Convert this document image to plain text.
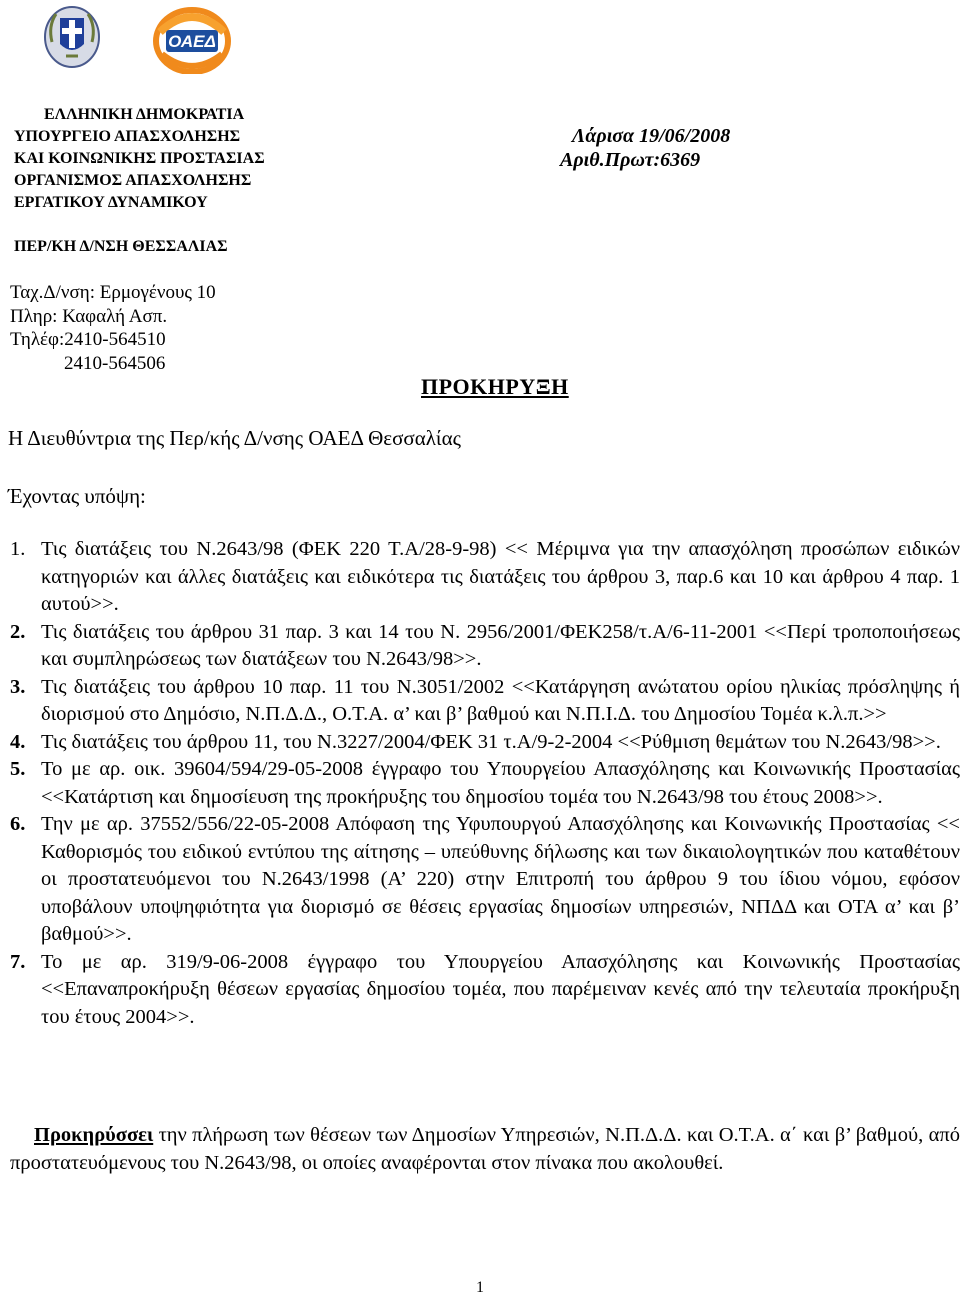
ΟΑΕΔ
ΕΛΛΗΝΙΚΗ ΔΗΜΟΚΡΑΤΙΑ
ΥΠΟΥΡΓΕΙΟ ΑΠΑΣΧΟΛΗΣΗΣ
ΚΑΙ ΚΟΙΝΩΝΙΚΗΣ ΠΡΟΣΤΑΣΙΑΣ
ΟΡΓΑΝΙΣΜΟΣ ΑΠΑΣΧΟΛΗΣΗΣ
ΕΡΓΑΤΙΚΟΥ ΔΥΝΑΜΙΚΟΥ
ΠΕΡ/ΚΗ Δ/ΝΣΗ ΘΕΣΣΑΛΙΑΣ
Λάρισα 19/06/2008
Αριθ.Πρωτ:6369
Ταχ.Δ/νση: Ερμογένους 10
Πληρ: Καφαλή Ασπ.
Τηλέφ:2410-564510
2410-564506
ΠΡΟΚΗΡΥΞΗ
Η Διευθύντρια της Περ/κής Δ/νσης ΟΑΕΔ Θεσσαλίας
Έχοντας υπόψη:
1. Τις διατάξεις του Ν.2643/98 (ΦΕΚ 220 Τ.Α/28-9-98) << Μέριμνα για την απασχόληση προσώπων ειδικών κατηγοριών και άλλες διατάξεις και ειδικότερα τις διατάξεις του άρθρου 3, παρ.6 και 10 και άρθρου 4 παρ. 1 αυτού>>.
2. Τις διατάξεις του άρθρου 31 παρ. 3 και 14 του Ν. 2956/2001/ΦΕΚ258/τ.Α/6-11-2001 <<Περί τροποποιήσεως και συμπληρώσεως των διατάξεων του Ν.2643/98>>.
3. Τις διατάξεις του άρθρου 10 παρ. 11 του Ν.3051/2002 <<Κατάργηση ανώτατου ορίου ηλικίας πρόσληψης ή διορισμού στο Δημόσιο, Ν.Π.Δ.Δ., Ο.Τ.Α. α’ και β’ βαθμού και Ν.Π.Ι.Δ. του Δημοσίου Τομέα κ.λ.π.>>
4. Τις διατάξεις του άρθρου 11, του Ν.3227/2004/ΦΕΚ 31 τ.Α/9-2-2004 <<Ρύθμιση θεμάτων του Ν.2643/98>>.
5. Το με αρ. οικ. 39604/594/29-05-2008 έγγραφο του Υπουργείου Απασχόλησης και Κοινωνικής Προστασίας <<Κατάρτιση και δημοσίευση της προκήρυξης του δημοσίου τομέα του Ν.2643/98 του έτους 2008>>.
6. Την με αρ. 37552/556/22-05-2008 Απόφαση της Υφυπουργού Απασχόλησης και Κοινωνικής Προστασίας << Καθορισμός του ειδικού εντύπου της αίτησης – υπεύθυνης δήλωσης και των δικαιολογητικών που καταθέτουν οι προστατευόμενοι του Ν.2643/1998 (Α’ 220) στην Επιτροπή του άρθρου 9 του ίδιου νόμου, εφόσον υποβάλουν υποψηφιότητα για διορισμό σε θέσεις εργασίας δημοσίων υπηρεσιών, ΝΠΔΔ και ΟΤΑ α’ και β’ βαθμού>>.
7. Το με αρ. 319/9-06-2008 έγγραφο του Υπουργείου Απασχόλησης και Κοινωνικής Προστασίας <<Επαναπροκήρυξη θέσεων εργασίας δημοσίου τομέα, που παρέμειναν κενές από την τελευταία προκήρυξη του έτους 2004>>.
Προκηρύσσει την πλήρωση των θέσεων των Δημοσίων Υπηρεσιών, Ν.Π.Δ.Δ. και Ο.Τ.Α. α΄ και β’ βαθμού, από προστατευόμενους του Ν.2643/98, οι οποίες αναφέρονται στον πίνακα που ακολουθεί.
1
